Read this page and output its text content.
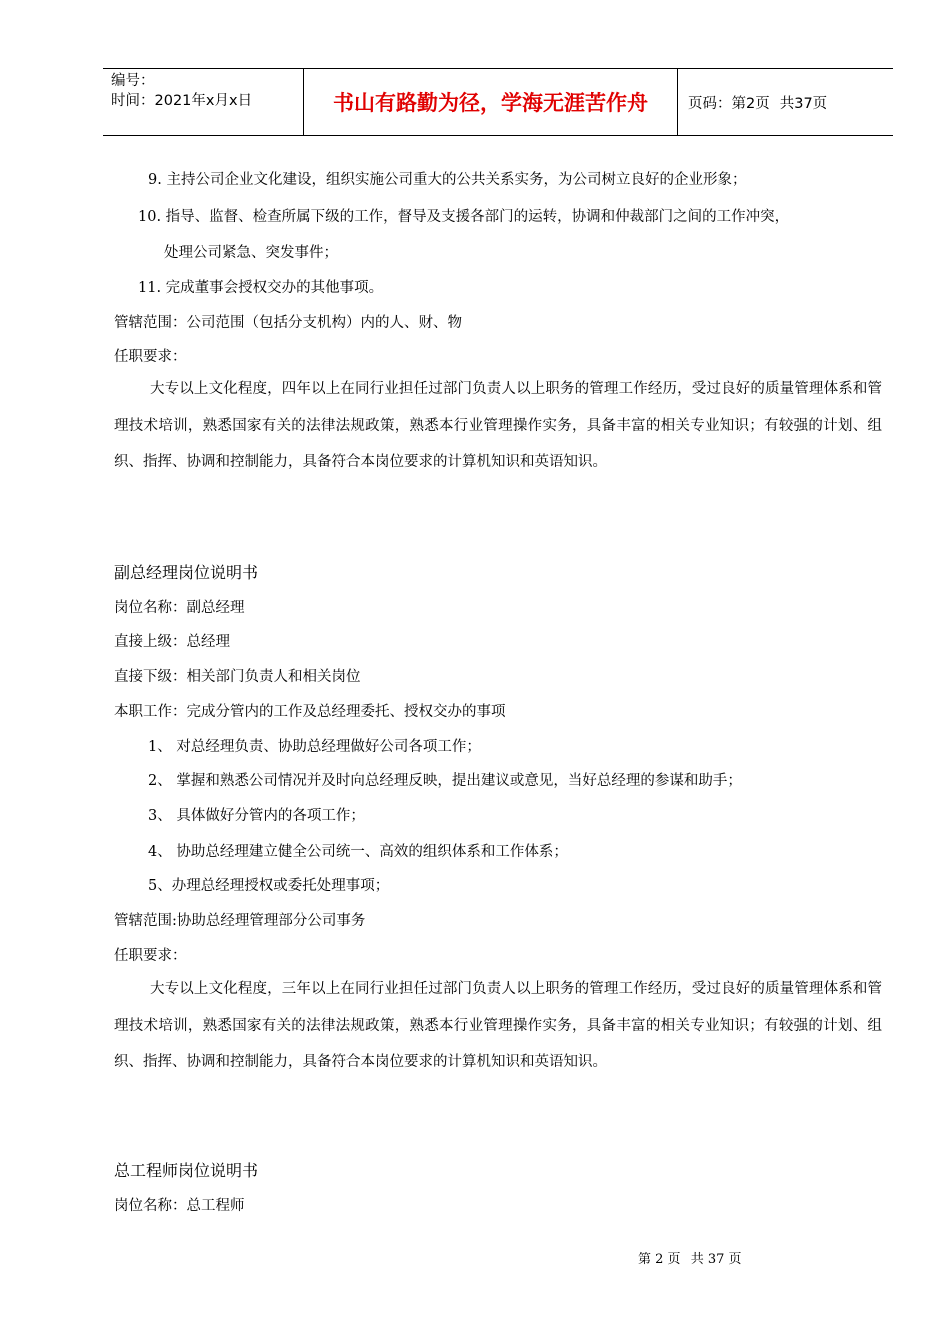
编号：
时间：2021年x月x日	书山有路勤为径，学海无涯苦作舟	页码：第2页 共37页
9. 主持公司企业文化建设，组织实施公司重大的公共关系实务，为公司树立良好的企业形象；
10. 指导、监督、检查所属下级的工作，督导及支援各部门的运转，协调和仲裁部门之间的工作冲突，
处理公司紧急、突发事件；
11. 完成董事会授权交办的其他事项。
管辖范围：公司范围（包括分支机构）内的人、财、物
任职要求：

大专以上文化程度，四年以上在同行业担任过部门负责人以上职务的管理工作经历，受过良好的质量管理体系和管理技术培训，熟悉国家有关的法律法规政策，熟悉本行业管理操作实务，具备丰富的相关专业知识；有较强的计划、组织、指挥、协调和控制能力，具备符合本岗位要求的计算机知识和英语知识。

副总经理岗位说明书
岗位名称：副总经理
直接上级：总经理
直接下级：相关部门负责人和相关岗位
本职工作：完成分管内的工作及总经理委托、授权交办的事项
1、 对总经理负责、协助总经理做好公司各项工作；
2、 掌握和熟悉公司情况并及时向总经理反映，提出建议或意见，当好总经理的参谋和助手；
3、 具体做好分管内的各项工作；
4、 协助总经理建立健全公司统一、高效的组织体系和工作体系；
5、办理总经理授权或委托处理事项；
管辖范围:协助总经理管理部分公司事务
任职要求：

大专以上文化程度，三年以上在同行业担任过部门负责人以上职务的管理工作经历，受过良好的质量管理体系和管理技术培训，熟悉国家有关的法律法规政策，熟悉本行业管理操作实务，具备丰富的相关专业知识；有较强的计划、组织、指挥、协调和控制能力，具备符合本岗位要求的计算机知识和英语知识。

总工程师岗位说明书
岗位名称：总工程师
第 2 页 共 37 页
